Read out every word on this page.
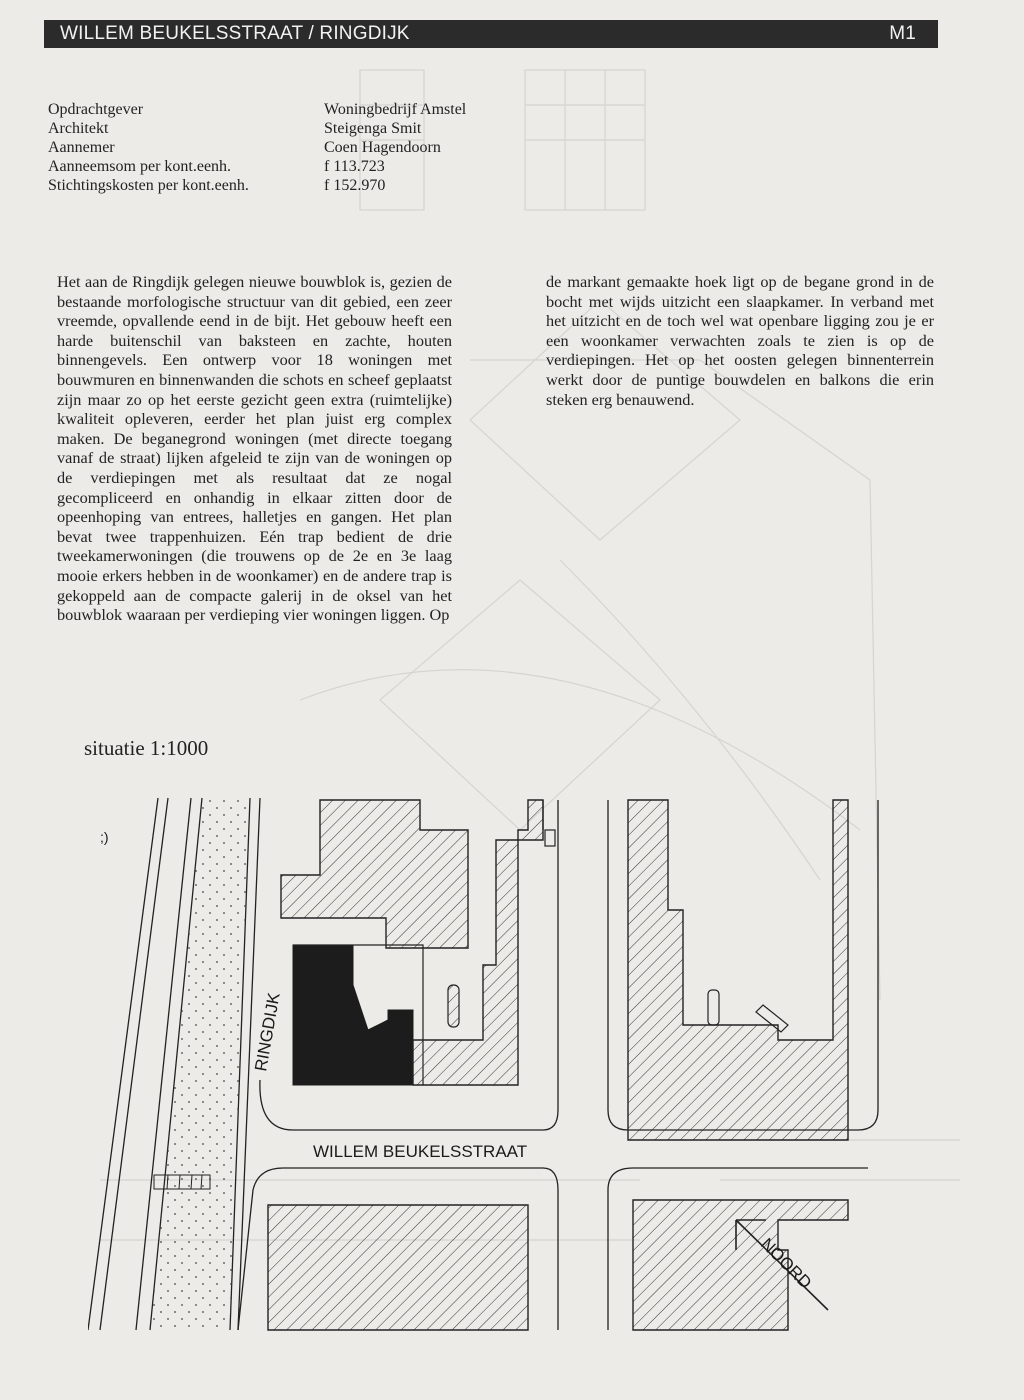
WILLEM BEUKELSSTRAAT / RINGDIJK	M1
Opdrachtgever	Woningbedrijf Amstel
Architekt	Steigenga Smit
Aannemer	Coen Hagendoorn
Aanneemsom per kont.eenh.	f 113.723
Stichtingskosten per kont.eenh.	f 152.970
Het aan de Ringdijk gelegen nieuwe bouwblok is, gezien de bestaande morfologische structuur van dit gebied, een zeer vreemde, opvallende eend in de bijt. Het gebouw heeft een harde buitenschil van baksteen en zachte, houten binnengevels. Een ontwerp voor 18 woningen met bouwmuren en binnenwanden die schots en scheef geplaatst zijn maar zo op het eerste gezicht geen extra (ruimtelijke) kwaliteit opleveren, eerder het plan juist erg complex maken. De beganegrond woningen (met directe toegang vanaf de straat) lijken afgeleid te zijn van de woningen op de verdiepingen met als resultaat dat ze nogal gecompliceerd en onhandig in elkaar zitten door de opeenhoping van entrees, halletjes en gangen. Het plan bevat twee trappenhuizen. Eén trap bedient de drie tweekamerwoningen (die trouwens op de 2e en 3e laag mooie erkers hebben in de woonkamer) en de andere trap is gekoppeld aan de compacte galerij in de oksel van het bouwblok waaraan per verdieping vier woningen liggen. Op
de markant gemaakte hoek ligt op de begane grond in de bocht met wijds uitzicht een slaapkamer. In verband met het uitzicht en de toch wel wat openbare ligging zou je er een woonkamer verwachten zoals te zien is op de verdiepingen. Het op het oosten gelegen binnenterrein werkt door de puntige bouwdelen en balkons die erin steken erg benauwend.
situatie 1:1000
;)
RINGDIJK
WILLEM BEUKELSSTRAAT
NOORD
